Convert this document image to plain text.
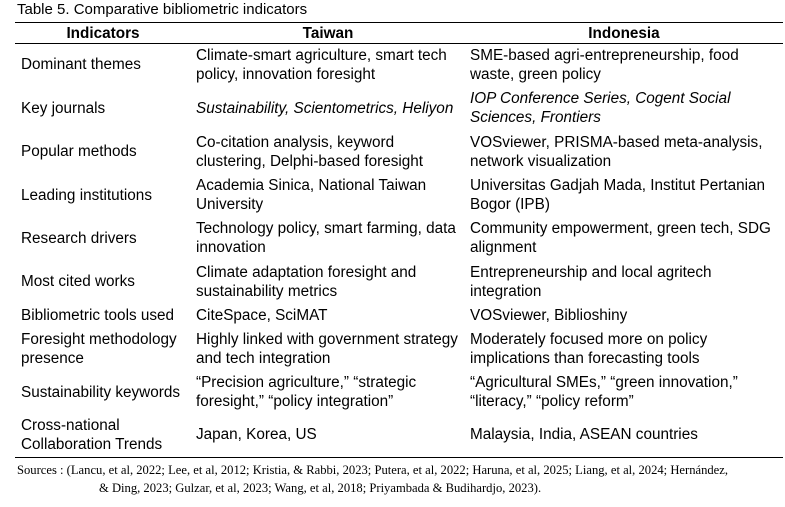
Table 5. Comparative bibliometric indicators
Indicators	Taiwan	Indonesia
Dominant themes	Climate-smart agriculture, smart tech policy, innovation foresight	SME-based agri-entrepreneurship, food waste, green policy
Key journals	Sustainability, Scientometrics, Heliyon	IOP Conference Series, Cogent Social Sciences, Frontiers
Popular methods	Co-citation analysis, keyword clustering, Delphi-based foresight	VOSviewer, PRISMA-based meta-analysis, network visualization
Leading institutions	Academia Sinica, National Taiwan University	Universitas Gadjah Mada, Institut Pertanian Bogor (IPB)
Research drivers	Technology policy, smart farming, data innovation	Community empowerment, green tech, SDG alignment
Most cited works	Climate adaptation foresight and sustainability metrics	Entrepreneurship and local agritech integration
Bibliometric tools used	CiteSpace, SciMAT	VOSviewer, Biblioshiny
Foresight methodology presence	Highly linked with government strategy and tech integration	Moderately focused more on policy implications than forecasting tools
Sustainability keywords	“Precision agriculture,” “strategic foresight,” “policy integration”	“Agricultural SMEs,” “green innovation,” “literacy,” “policy reform”
Cross-national Collaboration Trends	Japan, Korea, US	Malaysia, India, ASEAN countries
Sources : (Lancu, et al, 2022; Lee, et al, 2012; Kristia, & Rabbi, 2023; Putera, et al, 2022; Haruna, et al, 2025; Liang, et al, 2024; Hernández,
& Ding, 2023; Gulzar, et al, 2023; Wang, et al, 2018; Priyambada & Budihardjo, 2023).
